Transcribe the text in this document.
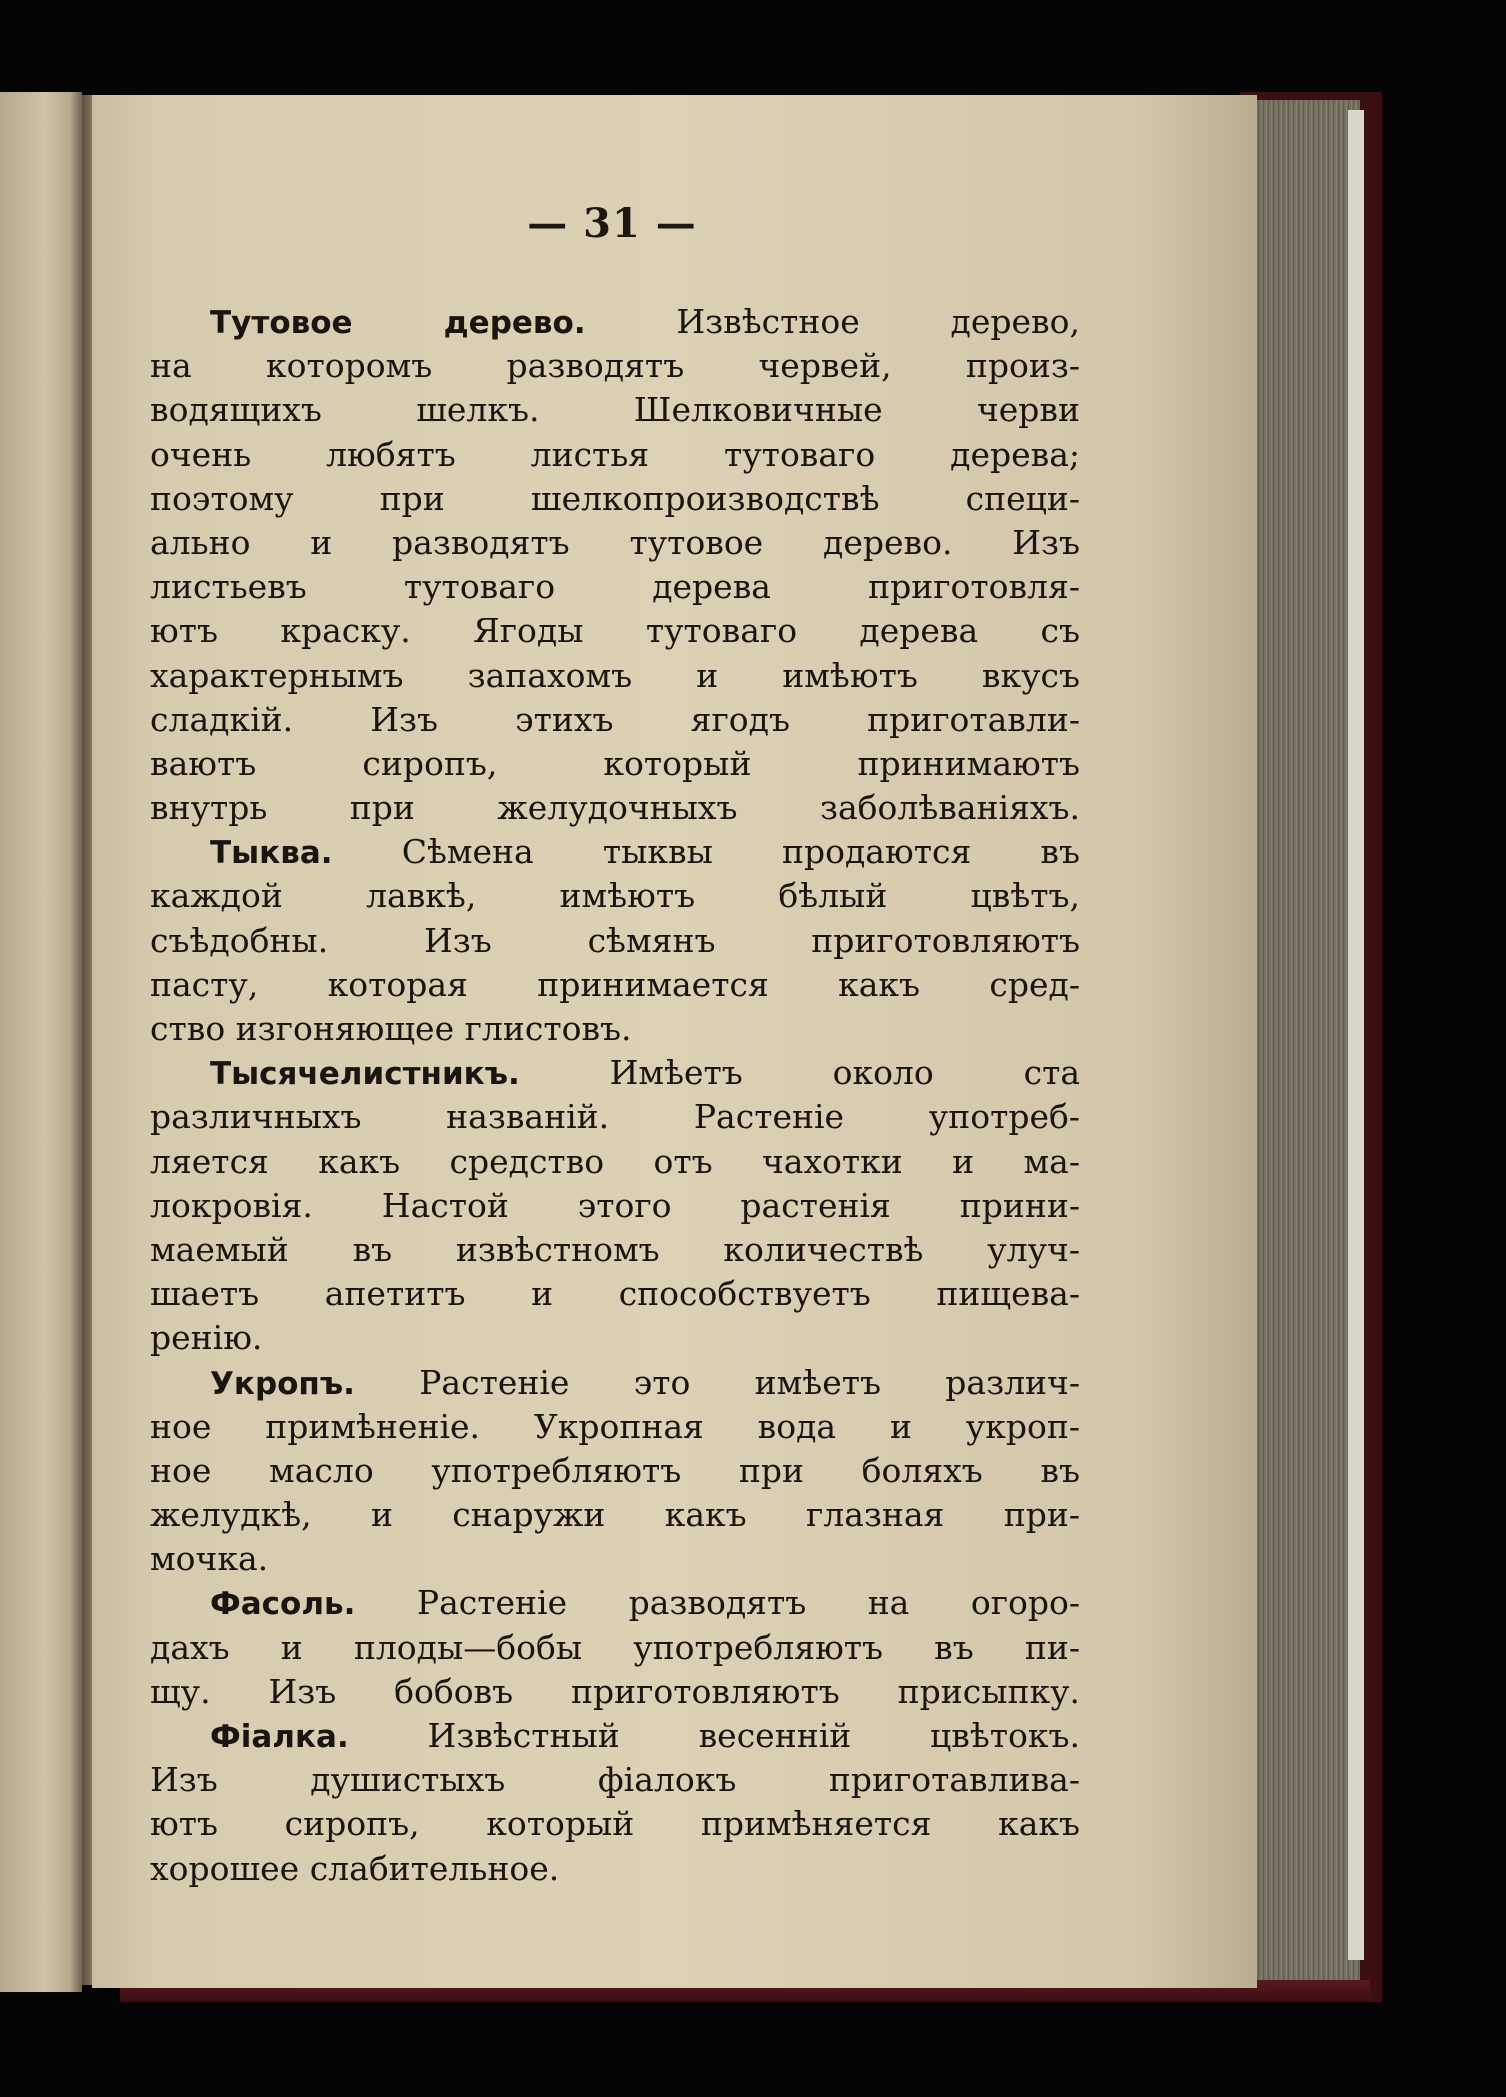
— 31 —
Тутовое дерево. Извѣстное дерево,
на которомъ разводятъ червей, произ-
водящихъ шелкъ. Шелковичные черви
очень любятъ листья тутоваго дерева;
поэтому при шелкопроизводствѣ специ-
ально и разводятъ тутовое дерево. Изъ
листьевъ тутоваго дерева приготовля-
ютъ краску. Ягоды тутоваго дерева съ
характернымъ запахомъ и имѣютъ вкусъ
сладкій. Изъ этихъ ягодъ приготавли-
ваютъ сиропъ, который принимаютъ
внутрь при желудочныхъ заболѣваніяхъ.
Тыква. Сѣмена тыквы продаются въ
каждой лавкѣ, имѣютъ бѣлый цвѣтъ,
съѣдобны. Изъ сѣмянъ приготовляютъ
пасту, которая принимается какъ сред-
ство изгоняющее глистовъ.
Тысячелистникъ. Имѣетъ около ста
различныхъ названій. Растеніе употреб-
ляется какъ средство отъ чахотки и ма-
локровія. Настой этого растенія прини-
маемый въ извѣстномъ количествѣ улуч-
шаетъ апетитъ и способствуетъ пищева-
ренію.
Укропъ. Растеніе это имѣетъ различ-
ное примѣненіе. Укропная вода и укроп-
ное масло употребляютъ при боляхъ въ
желудкѣ, и снаружи какъ глазная при-
мочка.
Фасоль. Растеніе разводятъ на огоро-
дахъ и плоды—бобы употребляютъ въ пи-
щу. Изъ бобовъ приготовляютъ присыпку.
Фіалка. Извѣстный весенній цвѣтокъ.
Изъ душистыхъ фіалокъ приготавлива-
ютъ сиропъ, который примѣняется какъ
хорошее слабительное.
